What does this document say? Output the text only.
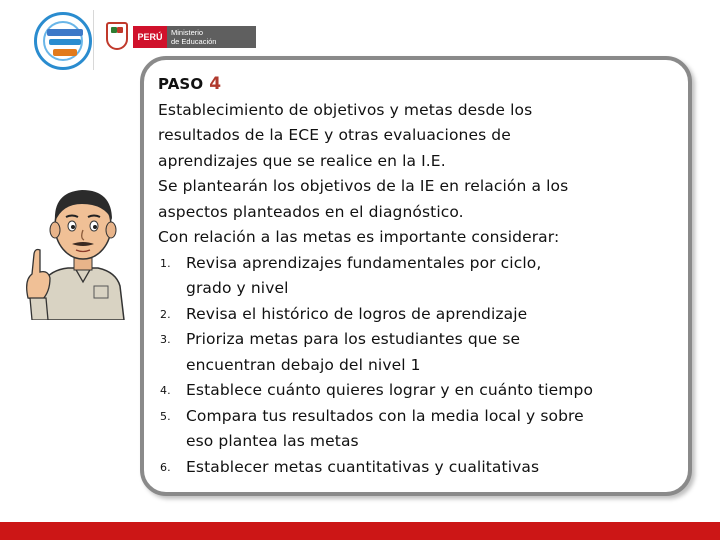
PERÚ	Ministerio
de Educación
PASO 4
Establecimiento de objetivos y metas desde los
resultados de la ECE y otras evaluaciones de
aprendizajes que se realice en la I.E.
Se plantearán los objetivos de la IE en relación a los
aspectos planteados en el diagnóstico.
Con relación a las metas es importante considerar:
1. Revisa aprendizajes fundamentales por ciclo,
grado y nivel
2. Revisa el histórico de logros de aprendizaje
3. Prioriza metas para los estudiantes que se
encuentran debajo del nivel 1
4. Establece cuánto quieres lograr y en cuánto tiempo
5. Compara tus resultados con la media local y sobre
eso plantea las metas
6. Establecer metas cuantitativas y cualitativas
